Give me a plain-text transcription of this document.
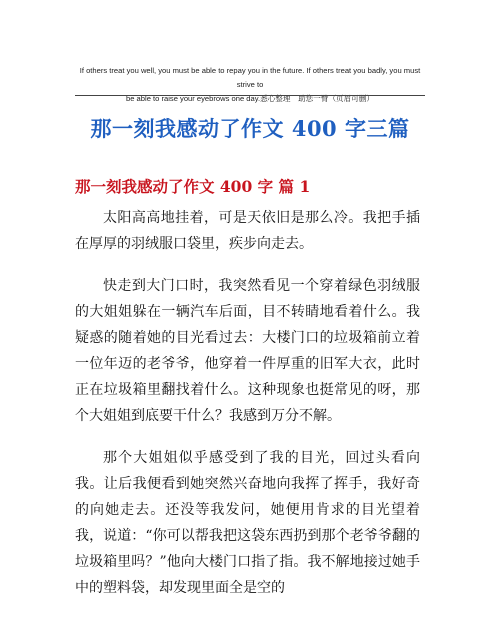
If others treat you well, you must be able to repay you in the future. If others treat you badly, you must strive to
be able to raise your eyebrows one day.悉心整理　助您一臂（页眉可删）
那一刻我感动了作文 400 字三篇
那一刻我感动了作文 400 字 篇 1

太阳高高地挂着，可是天依旧是那么冷。我把手插在厚厚的羽绒服口袋里，疾步向走去。

快走到大门口时，我突然看见一个穿着绿色羽绒服的大姐姐躲在一辆汽车后面，目不转睛地看着什么。我疑惑的随着她的目光看过去：大楼门口的垃圾箱前立着一位年迈的老爷爷，他穿着一件厚重的旧军大衣，此时正在垃圾箱里翻找着什么。这种现象也挺常见的呀，那个大姐姐到底要干什么？我感到万分不解。

那个大姐姐似乎感受到了我的目光，回过头看向我。让后我便看到她突然兴奋地向我挥了挥手，我好奇的向她走去。还没等我发问，她便用肯求的目光望着我，说道：“你可以帮我把这袋东西扔到那个老爷爷翻的垃圾箱里吗？”他向大楼门口指了指。我不解地接过她手中的塑料袋，却发现里面全是空的
